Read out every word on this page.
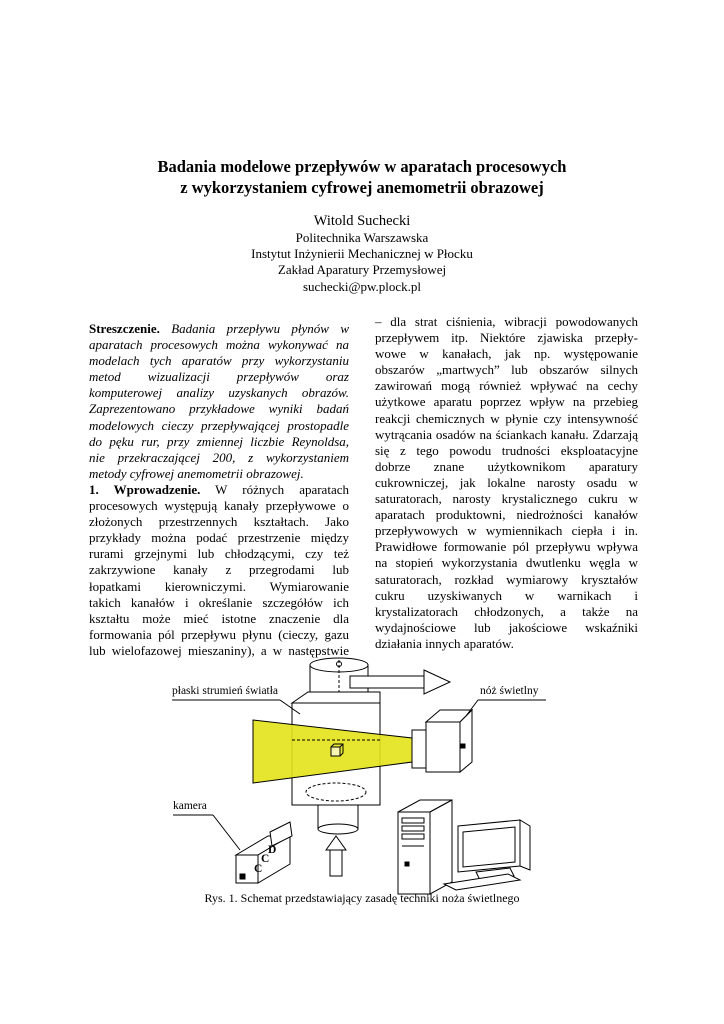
Badania modelowe przepływów w aparatach procesowych
z wykorzystaniem cyfrowej anemometrii obrazowej
Witold Suchecki
Politechnika Warszawska
Instytut Inżynierii Mechanicznej w Płocku
Zakład Aparatury Przemysłowej
suchecki@pw.plock.pl
Streszczenie. Badania przepływu płynów w
aparatach procesowych można wykonywać na
modelach tych aparatów przy wykorzystaniu
metod wizualizacji przepływów oraz
komputerowej analizy uzyskanych obrazów.
Zaprezentowano przykładowe wyniki badań
modelowych cieczy przepływającej prostopadle
do pęku rur, przy zmiennej liczbie Reynoldsa,
nie przekraczającej 200, z wykorzystaniem
metody cyfrowej anemometrii obrazowej.
1. Wprowadzenie. W różnych aparatach
procesowych występują kanały przepływowe o
złożonych przestrzennych kształtach. Jako
przykłady można podać przestrzenie między
rurami grzejnymi lub chłodzącymi, czy też
zakrzywione kanały z przegrodami lub
łopatkami kierowniczymi. Wymiarowanie
takich kanałów i określanie szczegółów ich
kształtu może mieć istotne znaczenie dla
formowania pól przepływu płynu (cieczy, gazu
lub wielofazowej mieszaniny), a w następstwie
– dla strat ciśnienia, wibracji powodowanych
przepływem itp. Niektóre zjawiska przepły-
wowe w kanałach, jak np. występowanie
obszarów „martwych” lub obszarów silnych
zawirowań mogą również wpływać na cechy
użytkowe aparatu poprzez wpływ na przebieg
reakcji chemicznych w płynie czy intensywność
wytrącania osadów na ściankach kanału. Zdarzają
się z tego powodu trudności eksploatacyjne
dobrze znane użytkownikom aparatury
cukrowniczej, jak lokalne narosty osadu w
saturatorach, narosty krystalicznego cukru w
aparatach produktowni, niedrożności kanałów
przepływowych w wymiennikach ciepła i in.
Prawidłowe formowanie pól przepływu wpływa
na stopień wykorzystania dwutlenku węgla w
saturatorach, rozkład wymiarowy kryształów
cukru uzyskiwanych w warnikach i
krystalizatorach chłodzonych, a także na
wydajnościowe lub jakościowe wskaźniki
działania innych aparatów.
płaski strumień światła	nóż świetlny
kamera
D
C
C
Rys. 1. Schemat przedstawiający zasadę techniki noża świetlnego
